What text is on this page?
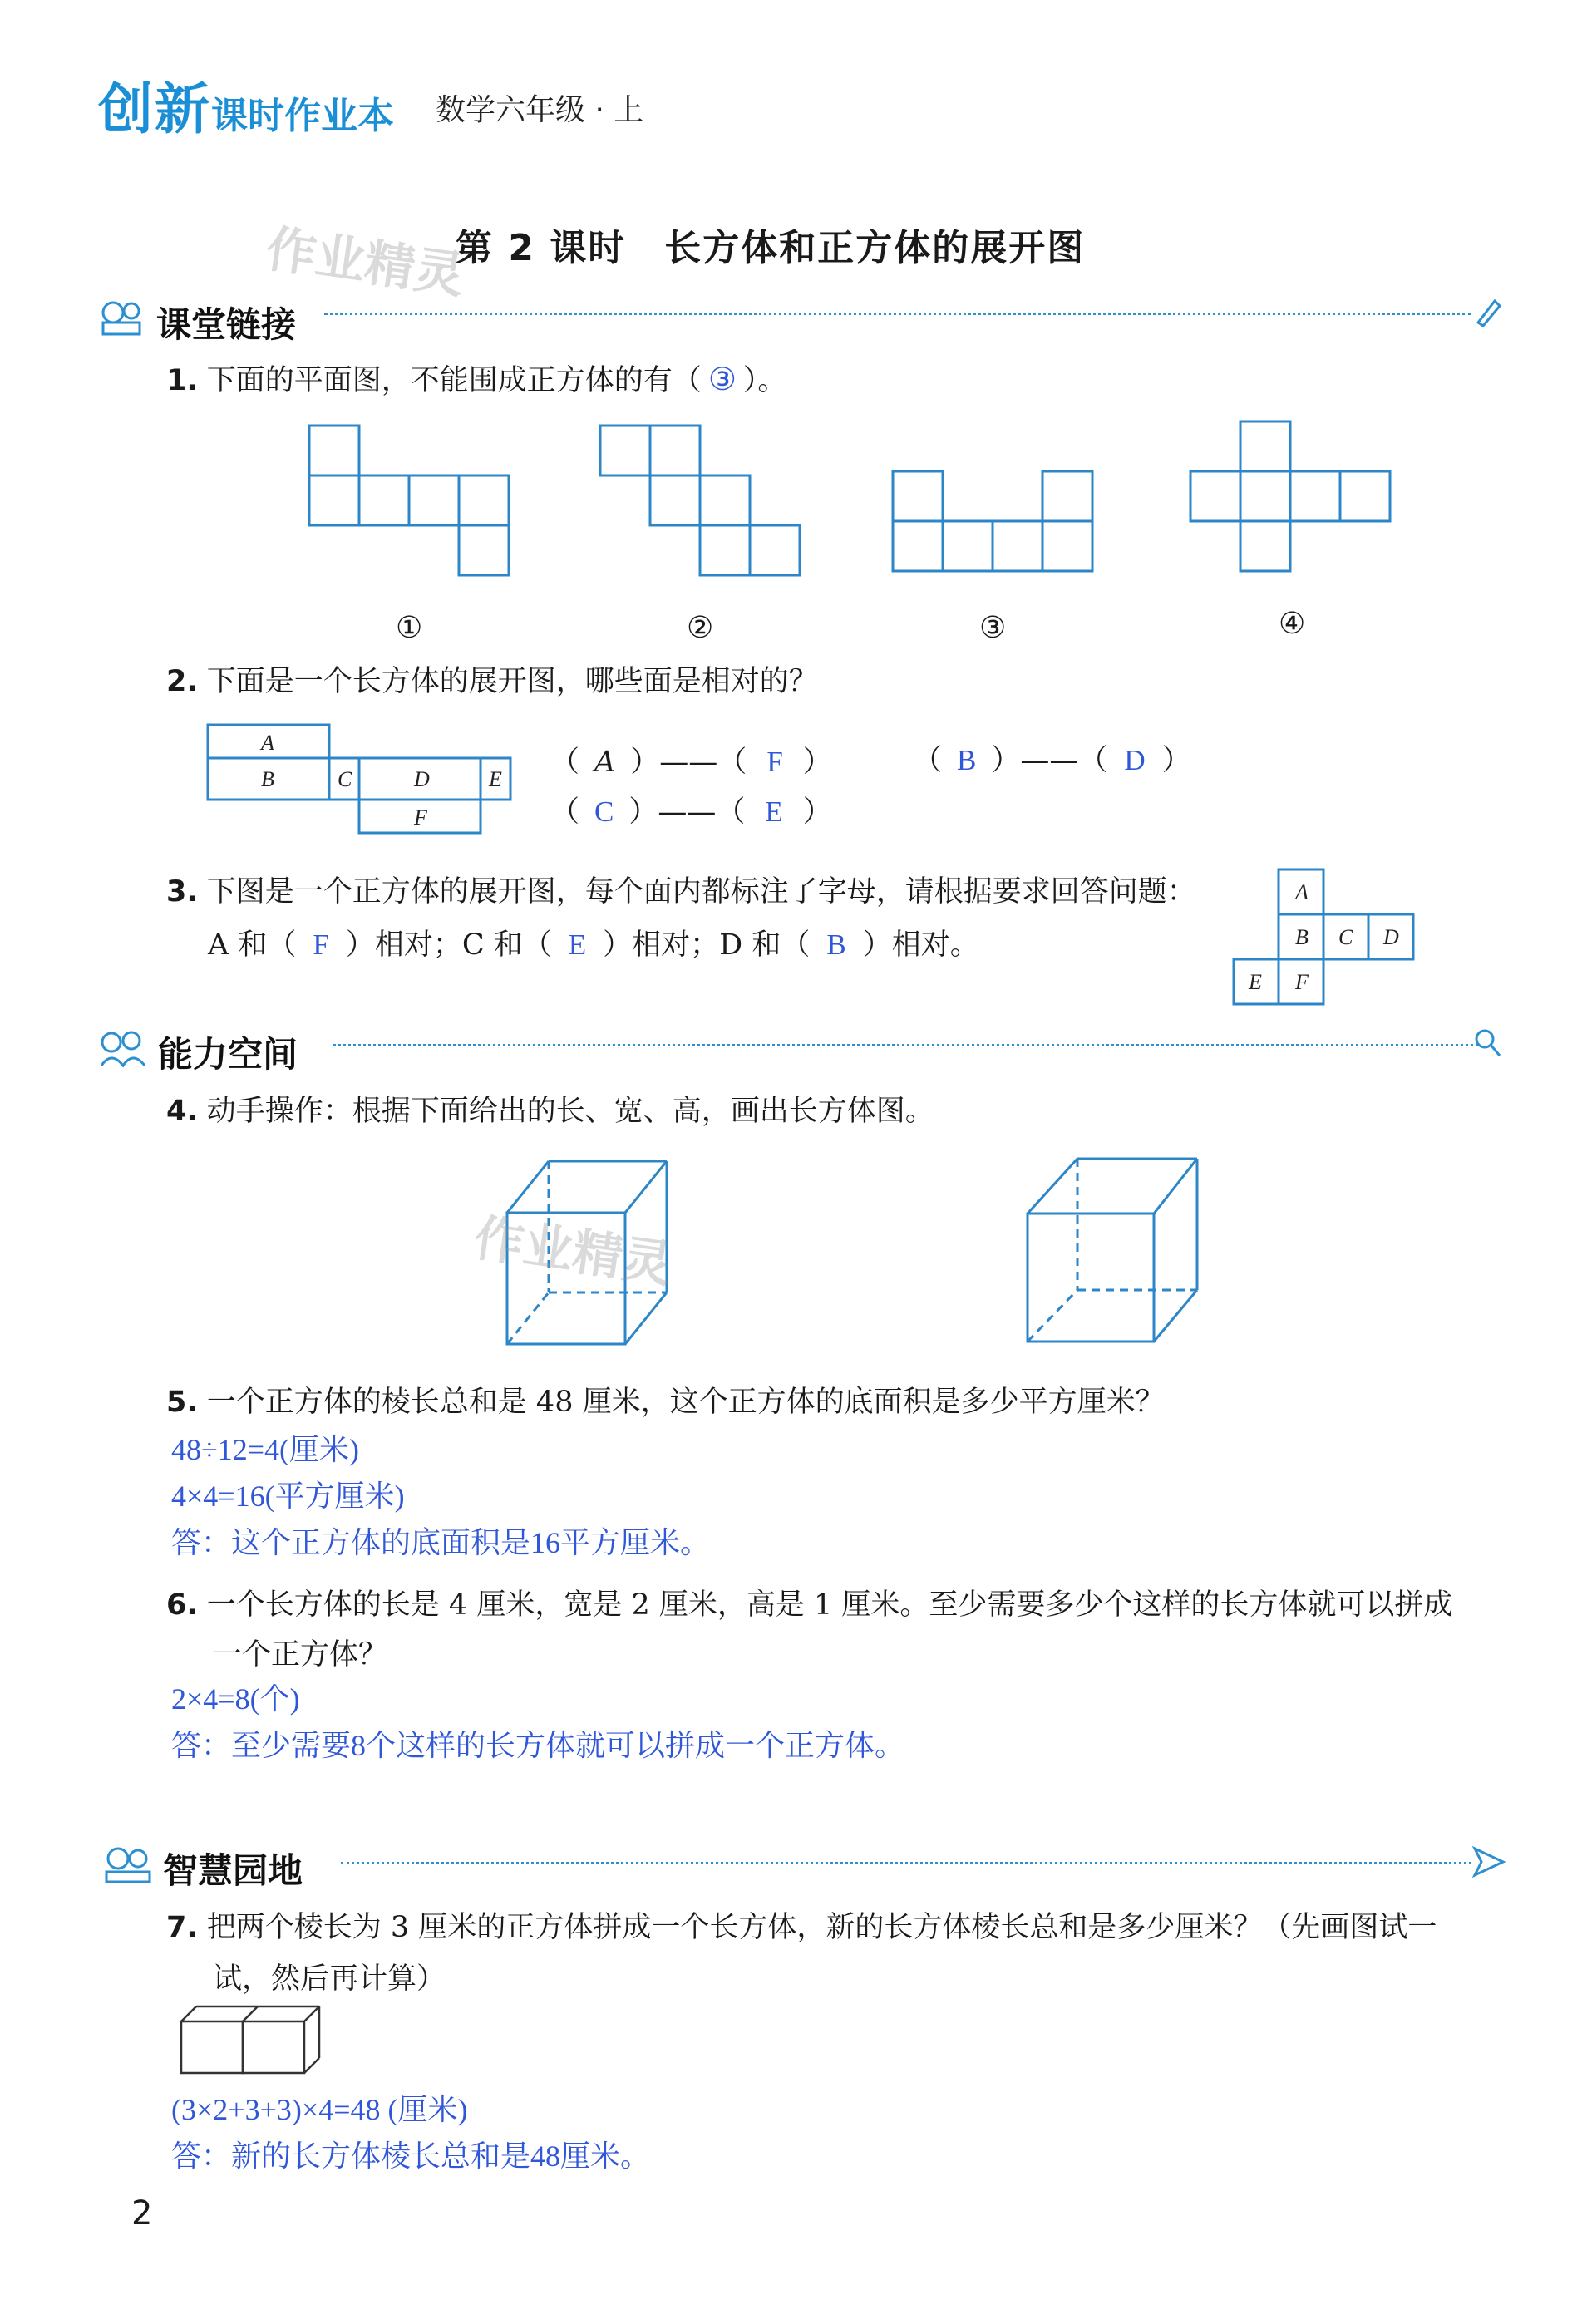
创新课时作业本 数学六年级 · 上
作业精灵
第 2 课时　长方体和正方体的展开图
课堂链接
1. 下面的平面图，不能围成正方体的有（ ③ ）。
①	②	③	④
2. 下面是一个长方体的展开图，哪些面是相对的？
A
B	C	D	E
F
（ A ）——（ F ）	（ B ）——（ D ）
（ C ）——（ E ）
3. 下图是一个正方体的展开图，每个面内都标注了字母，请根据要求回答问题：
A 和（ F ）相对；C 和（ E ）相对；D 和（ B ）相对。
A
B C D
E F
能力空间
4. 动手操作：根据下面给出的长、宽、高，画出长方体图。
作业精灵
5. 一个正方体的棱长总和是 48 厘米，这个正方体的底面积是多少平方厘米？
48÷12=4(厘米)
4×4=16(平方厘米)
答：这个正方体的底面积是16平方厘米。
6. 一个长方体的长是 4 厘米，宽是 2 厘米，高是 1 厘米。至少需要多少个这样的长方体就可以拼成
一个正方体？
2×4=8(个)
答：至少需要8个这样的长方体就可以拼成一个正方体。
智慧园地
7. 把两个棱长为 3 厘米的正方体拼成一个长方体，新的长方体棱长总和是多少厘米？（先画图试一
试，然后再计算）
(3×2+3+3)×4=48 (厘米)
答：新的长方体棱长总和是48厘米。
2
